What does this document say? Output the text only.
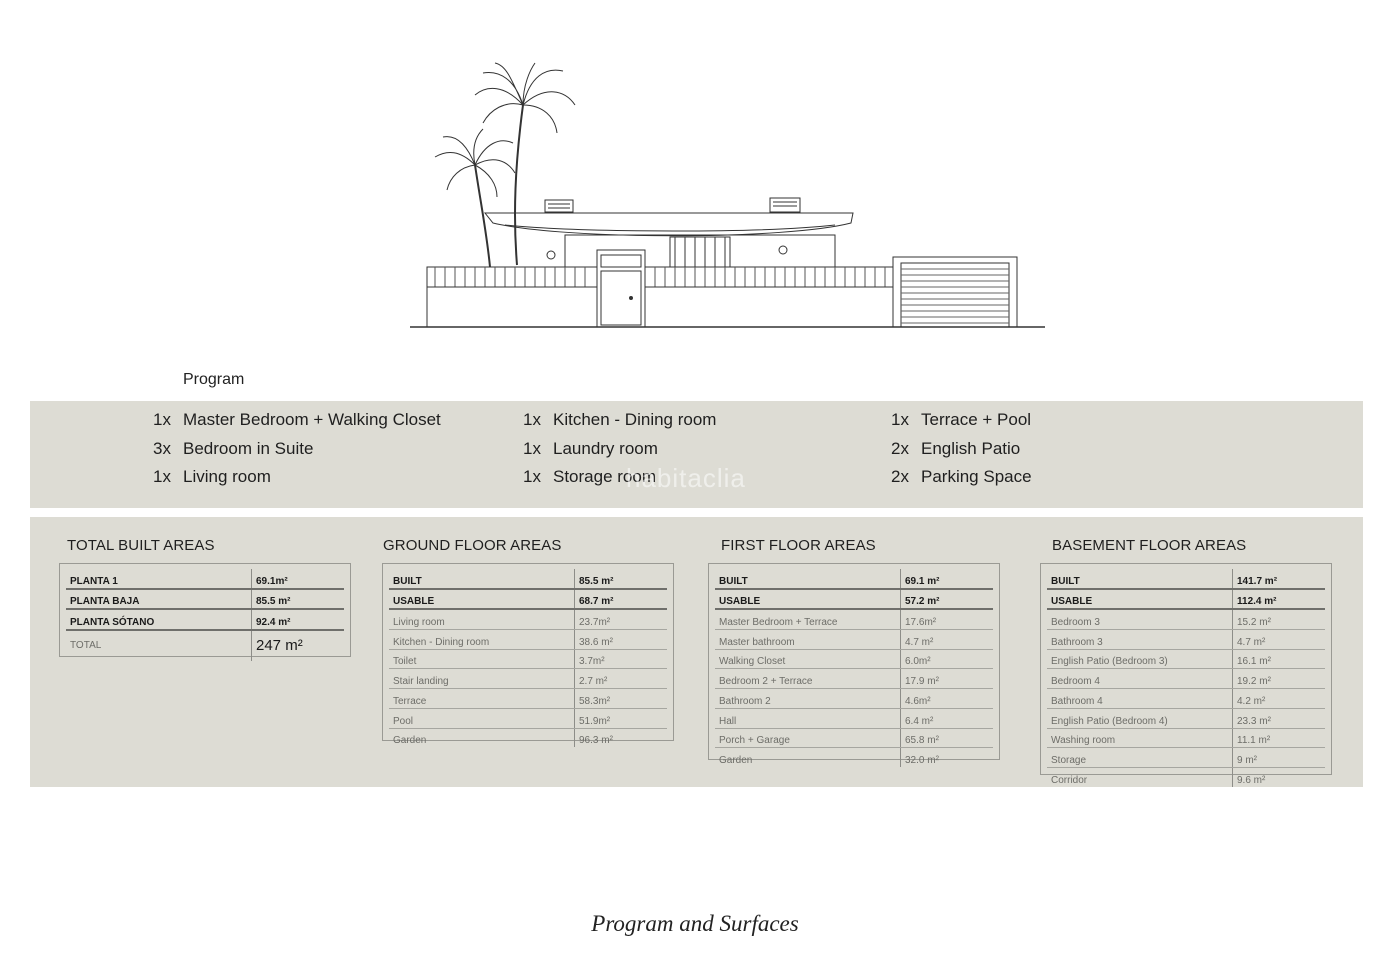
Program
1x Master Bedroom + Walking Closet
3x Bedroom in Suite
1x Living room
1x Kitchen - Dining room
1x Laundry room
1x Storage room
1x Terrace + Pool
2x English Patio
2x Parking Space
habitaclia
TOTAL BUILT AREAS
PLANTA 1	69.1m²
PLANTA BAJA	85.5 m²
PLANTA SÓTANO	92.4 m²
TOTAL	247 m²
GROUND FLOOR AREAS
BUILT	85.5 m²
USABLE	68.7 m²
Living room	23.7m²
Kitchen - Dining room	38.6 m²
Toilet	3.7m²
Stair landing	2.7 m²
Terrace	58.3m²
Pool	51.9m²
Garden	96.3 m²
FIRST FLOOR AREAS
BUILT	69.1 m²
USABLE	57.2 m²
Master Bedroom + Terrace	17.6m²
Master bathroom	4.7 m²
Walking Closet	6.0m²
Bedroom 2 + Terrace	17.9 m²
Bathroom 2	4.6m²
Hall	6.4 m²
Porch + Garage	65.8 m²
Garden	32.0 m²
BASEMENT FLOOR AREAS
BUILT	141.7 m²
USABLE	112.4 m²
Bedroom 3	15.2 m²
Bathroom 3	4.7 m²
English Patio (Bedroom 3)	16.1 m²
Bedroom 4	19.2 m²
Bathroom 4	4.2 m²
English Patio (Bedroom 4)	23.3 m²
Washing room	11.1 m²
Storage	9 m²
Corridor	9.6 m²
Program and Surfaces
